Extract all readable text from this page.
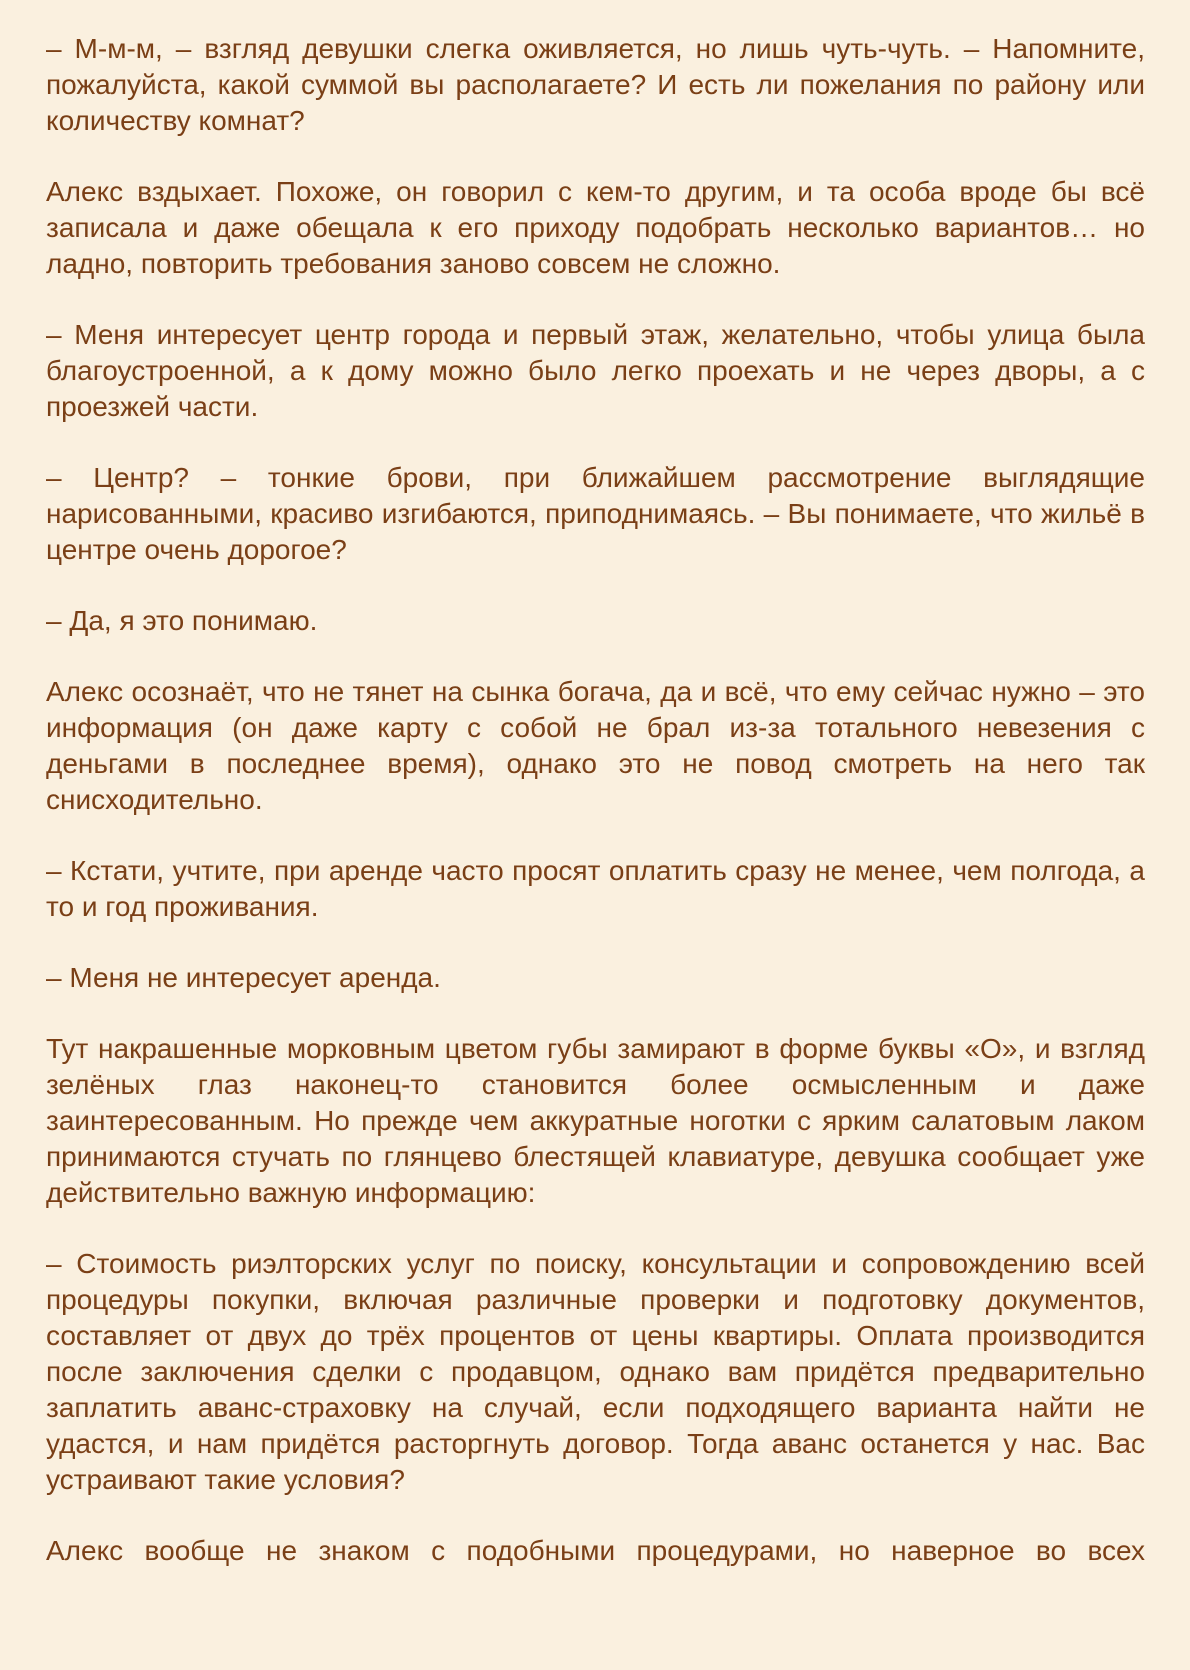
– М-м-м, – взгляд девушки слегка оживляется, но лишь чуть-чуть. – Напомните, пожалуйста, какой суммой вы располагаете? И есть ли пожелания по району или количеству комнат?

Алекс вздыхает. Похоже, он говорил с кем-то другим, и та особа вроде бы всё записала и даже обещала к его приходу подобрать несколько вариантов… но ладно, повторить требования заново совсем не сложно.

– Меня интересует центр города и первый этаж, желательно, чтобы улица была благоустроенной, а к дому можно было легко проехать и не через дворы, а с проезжей части.

– Центр? – тонкие брови, при ближайшем рассмотрение выглядящие нарисованными, красиво изгибаются, приподнимаясь. – Вы понимаете, что жильё в центре очень дорогое?

– Да, я это понимаю.

Алекс осознаёт, что не тянет на сынка богача, да и всё, что ему сейчас нужно – это информация (он даже карту с собой не брал из-за тотального невезения с деньгами в последнее время), однако это не повод смотреть на него так снисходительно.

– Кстати, учтите, при аренде часто просят оплатить сразу не менее, чем полгода, а то и год проживания.

– Меня не интересует аренда.

Тут накрашенные морковным цветом губы замирают в форме буквы «О», и взгляд зелёных глаз наконец-то становится более осмысленным и даже заинтересованным. Но прежде чем аккуратные ноготки с ярким салатовым лаком принимаются стучать по глянцево блестящей клавиатуре, девушка сообщает уже действительно важную информацию:

– Стоимость риэлторских услуг по поиску, консультации и сопровождению всей процедуры покупки, включая различные проверки и подготовку документов, составляет от двух до трёх процентов от цены квартиры. Оплата производится после заключения сделки с продавцом, однако вам придётся предварительно заплатить аванс-страховку на случай, если подходящего варианта найти не удастся, и нам придётся расторгнуть договор. Тогда аванс останется у нас. Вас устраивают такие условия?

Алекс вообще не знаком с подобными процедурами, но наверное во всех
